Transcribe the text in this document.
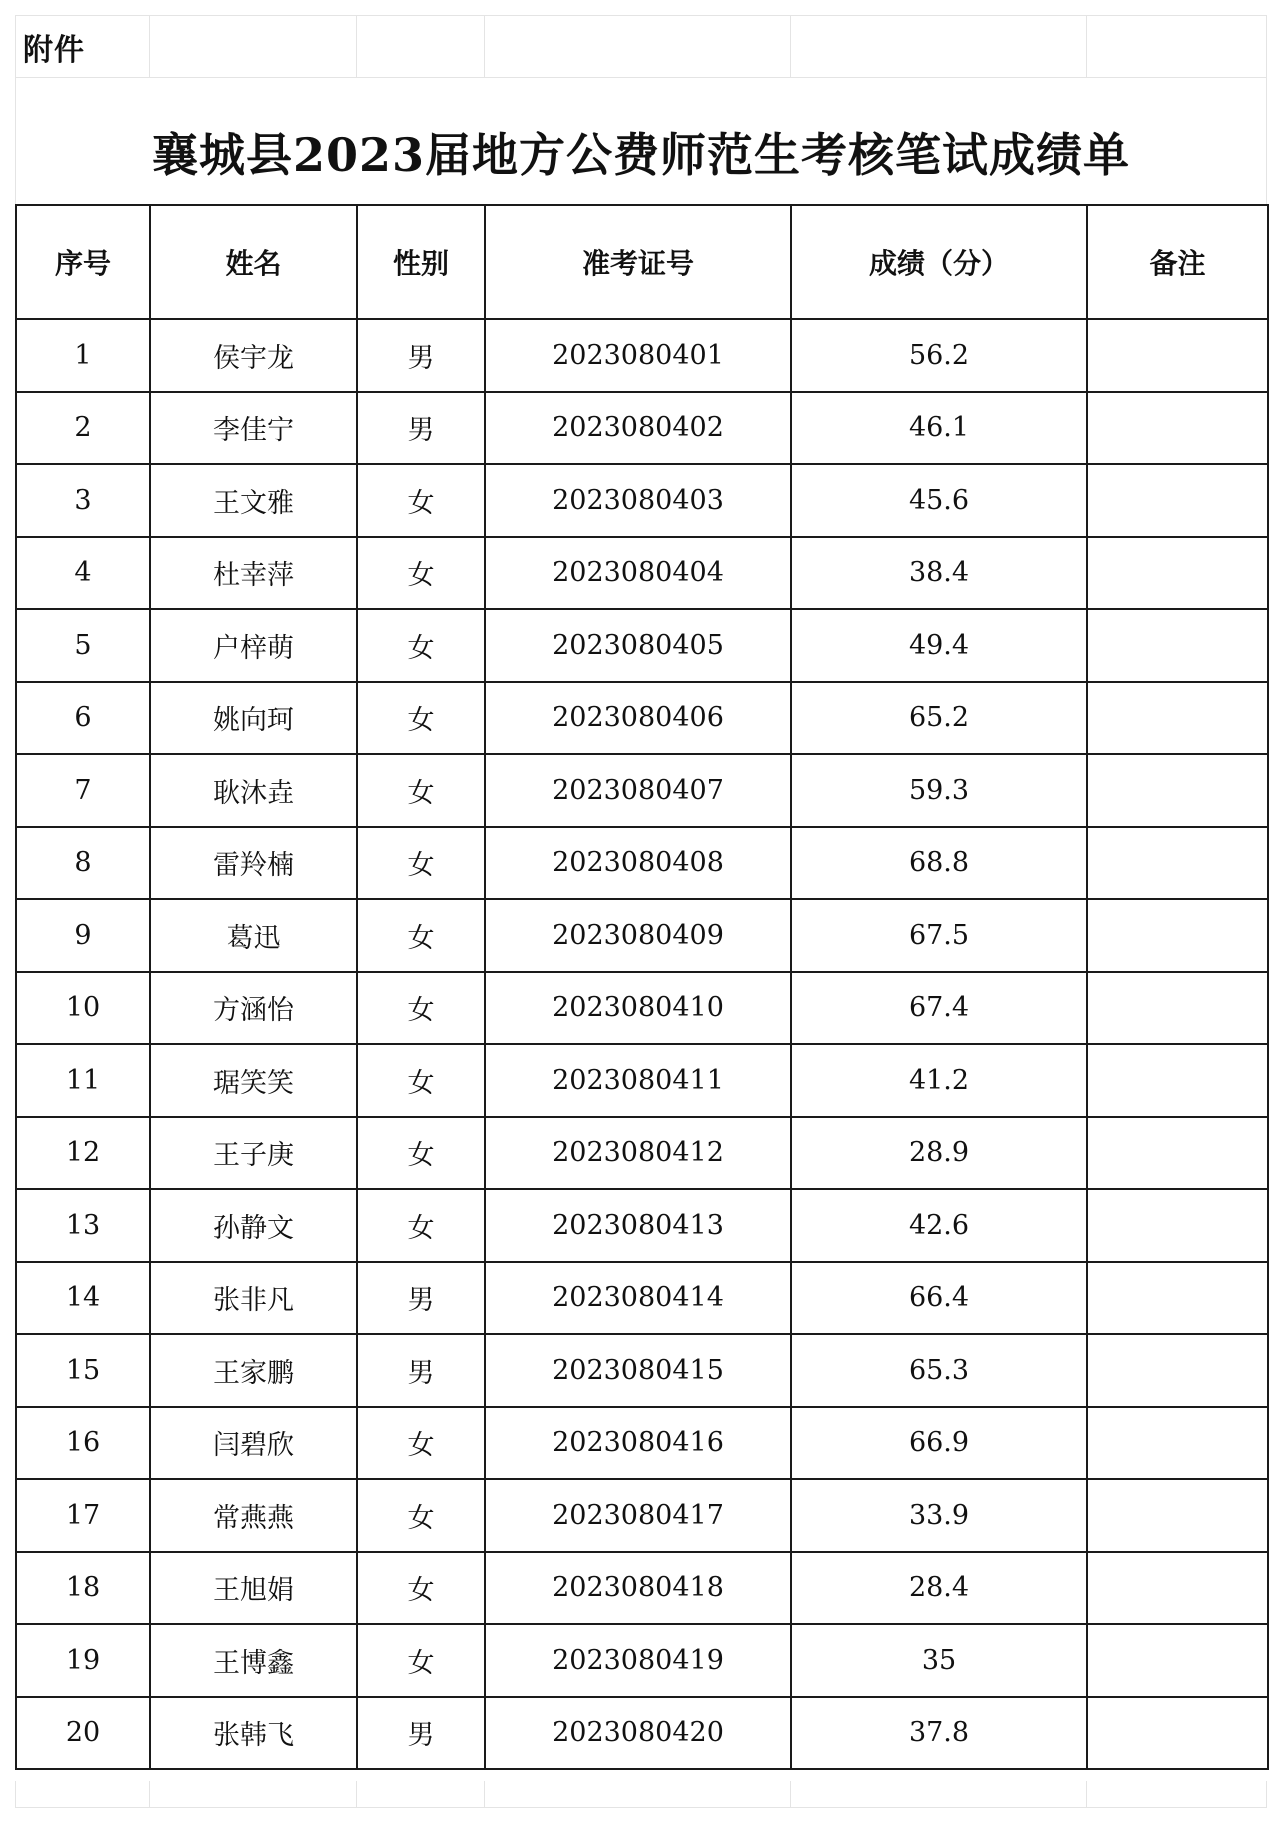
附件
襄城县2023届地方公费师范生考核笔试成绩单
序号	姓名	性别	准考证号	成绩（分）	备注
1	侯宇龙	男	2023080401	56.2	
2	李佳宁	男	2023080402	46.1	
3	王文雅	女	2023080403	45.6	
4	杜幸萍	女	2023080404	38.4	
5	户梓萌	女	2023080405	49.4	
6	姚向珂	女	2023080406	65.2	
7	耿沐垚	女	2023080407	59.3	
8	雷羚楠	女	2023080408	68.8	
9	葛迅	女	2023080409	67.5	
10	方涵怡	女	2023080410	67.4	
11	琚笑笑	女	2023080411	41.2	
12	王子庚	女	2023080412	28.9	
13	孙静文	女	2023080413	42.6	
14	张非凡	男	2023080414	66.4	
15	王家鹏	男	2023080415	65.3	
16	闫碧欣	女	2023080416	66.9	
17	常燕燕	女	2023080417	33.9	
18	王旭娟	女	2023080418	28.4	
19	王博鑫	女	2023080419	35	
20	张韩飞	男	2023080420	37.8	
